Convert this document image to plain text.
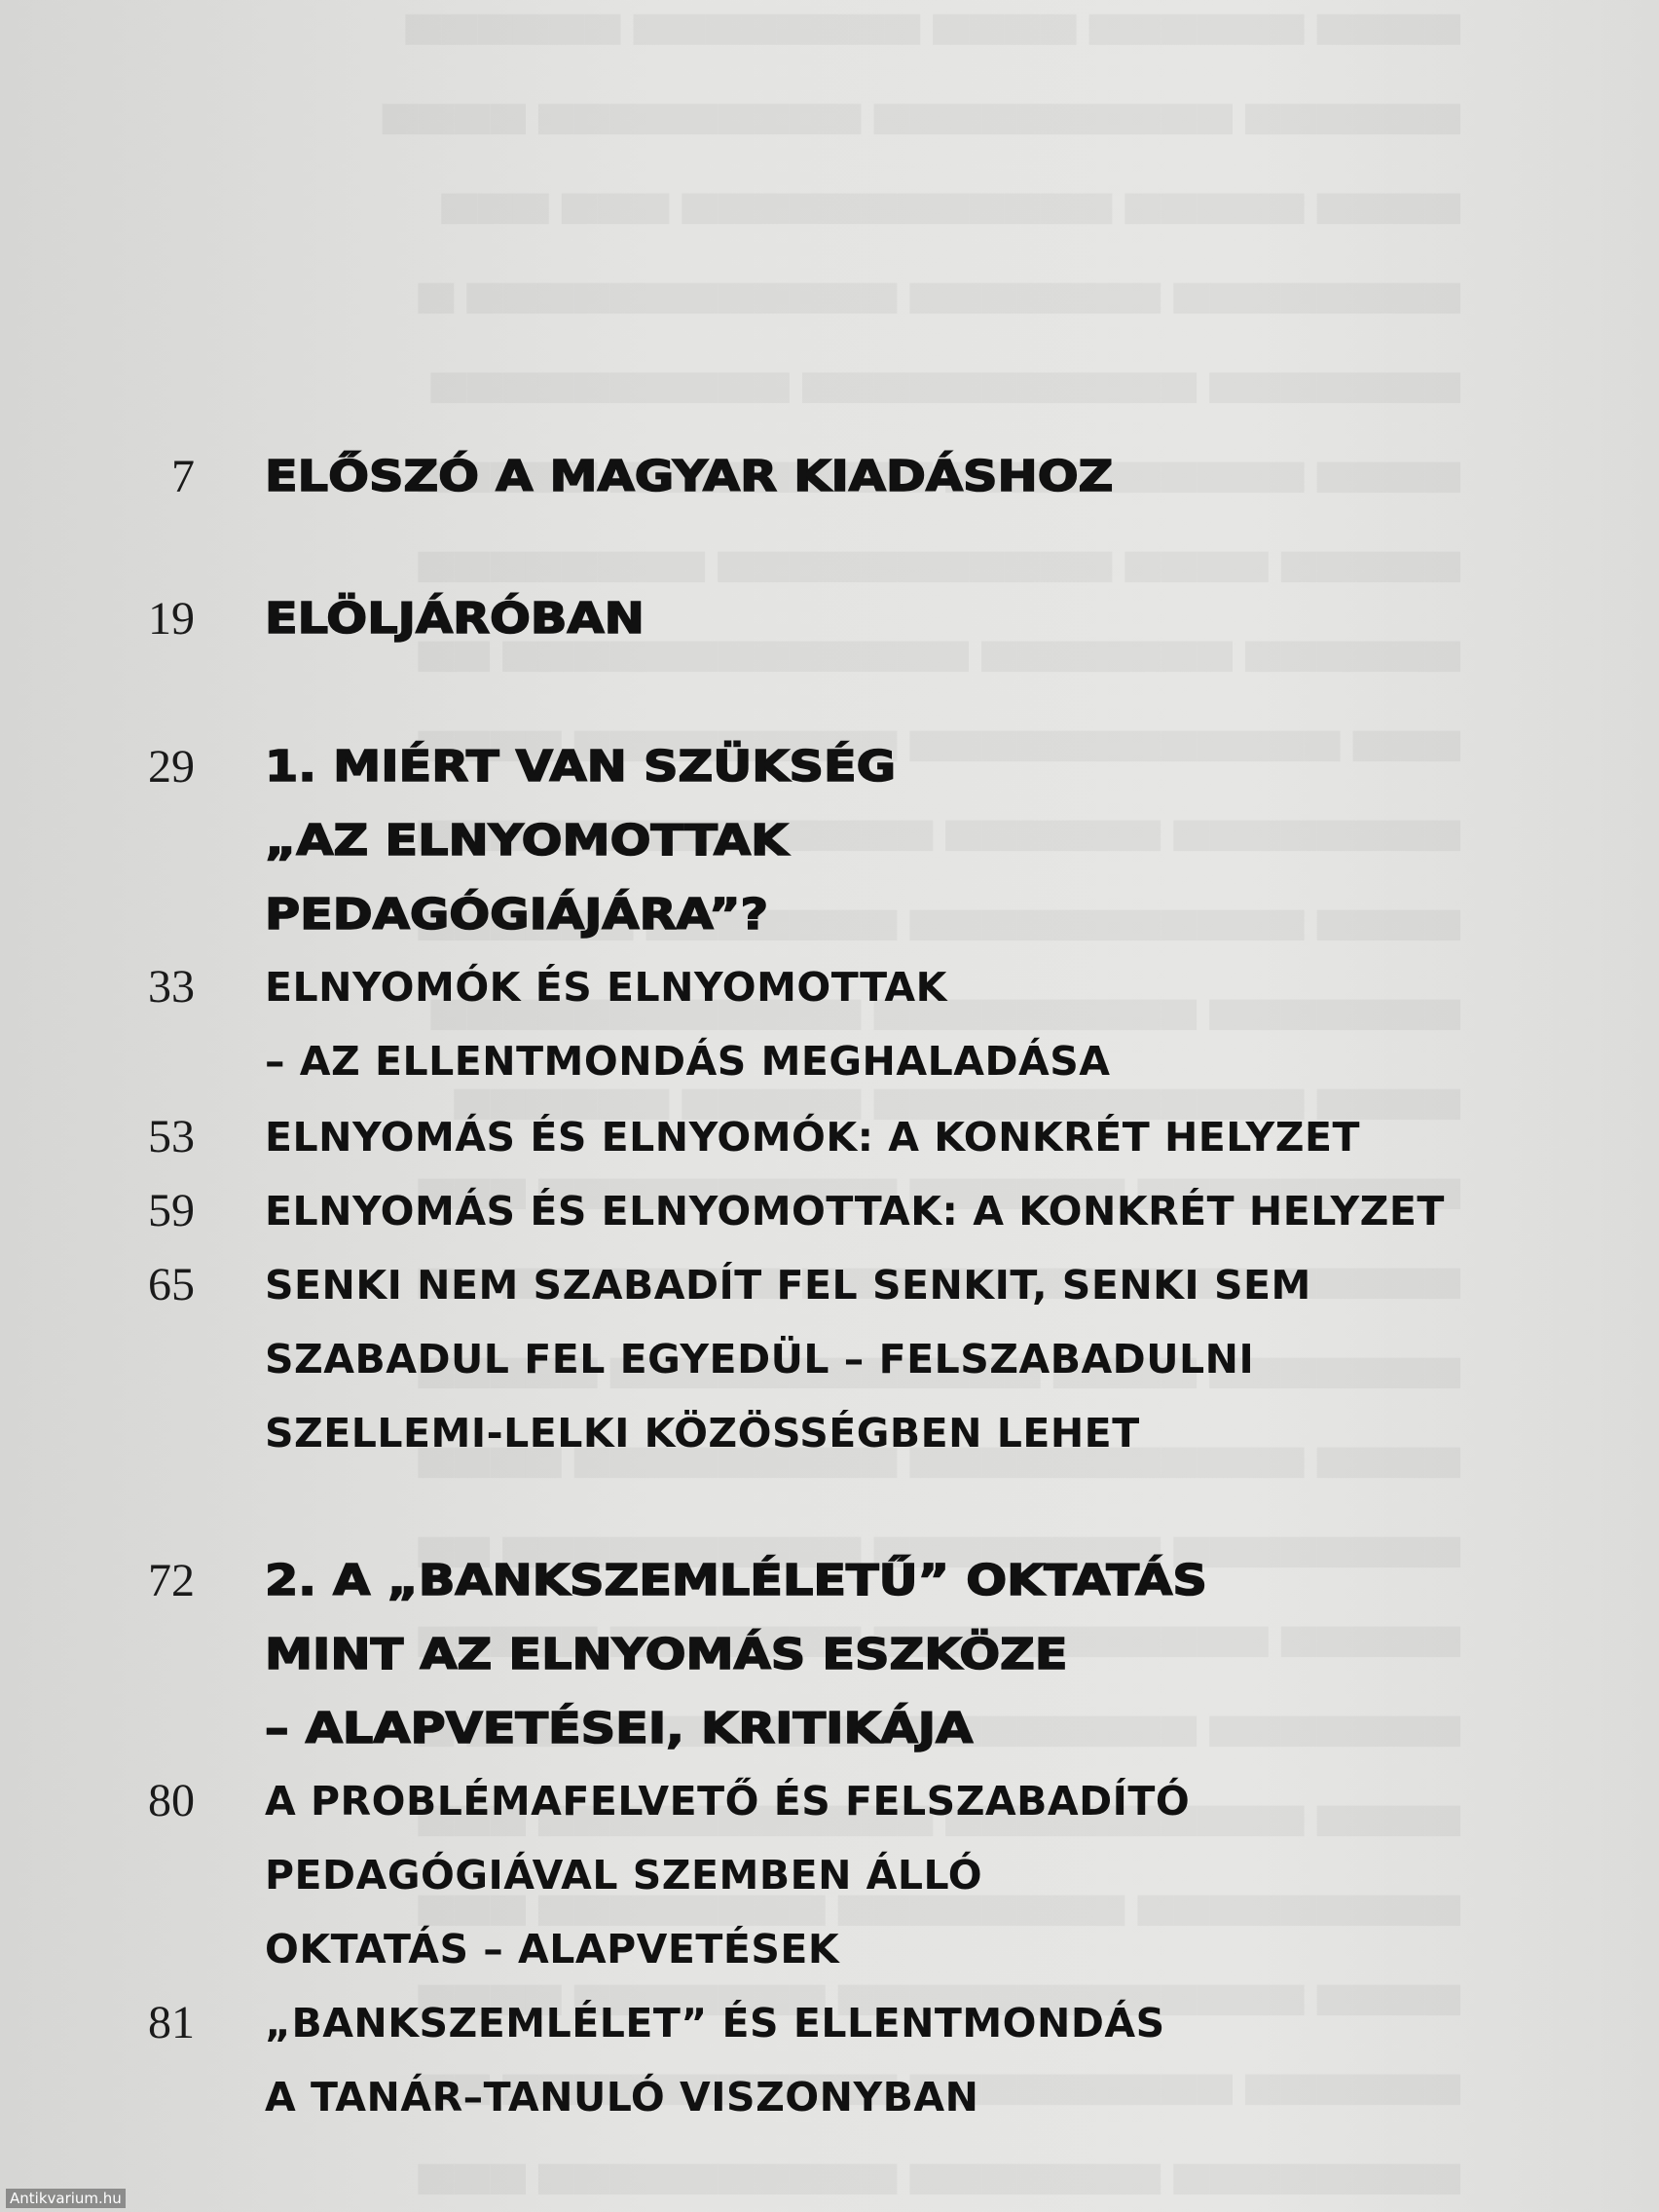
7 ELŐSZÓ A MAGYAR KIADÁSHOZ
19 ELÖLJÁRÓBAN
29 1. MIÉRT VAN SZÜKSÉG
„AZ ELNYOMOTTAK
PEDAGÓGIÁJÁRA”?
33 ELNYOMÓK ÉS ELNYOMOTTAK
– AZ ELLENTMONDÁS MEGHALADÁSA
53 ELNYOMÁS ÉS ELNYOMÓK: A KONKRÉT HELYZET
59 ELNYOMÁS ÉS ELNYOMOTTAK: A KONKRÉT HELYZET
65 SENKI NEM SZABADÍT FEL SENKIT, SENKI SEM
SZABADUL FEL EGYEDÜL – FELSZABADULNI
SZELLEMI-LELKI KÖZÖSSÉGBEN LEHET
72 2. A „BANKSZEMLÉLETŰ” OKTATÁS
MINT AZ ELNYOMÁS ESZKÖZE
– ALAPVETÉSEI, KRITIKÁJA
80 A PROBLÉMAFELVETŐ ÉS FELSZABADÍTÓ
PEDAGÓGIÁVAL SZEMBEN ÁLLÓ
OKTATÁS – ALAPVETÉSEK
81 „BANKSZEMLÉLET” ÉS ELLENTMONDÁS
A TANÁR–TANULÓ VISZONYBAN
Antikvarium.hu
